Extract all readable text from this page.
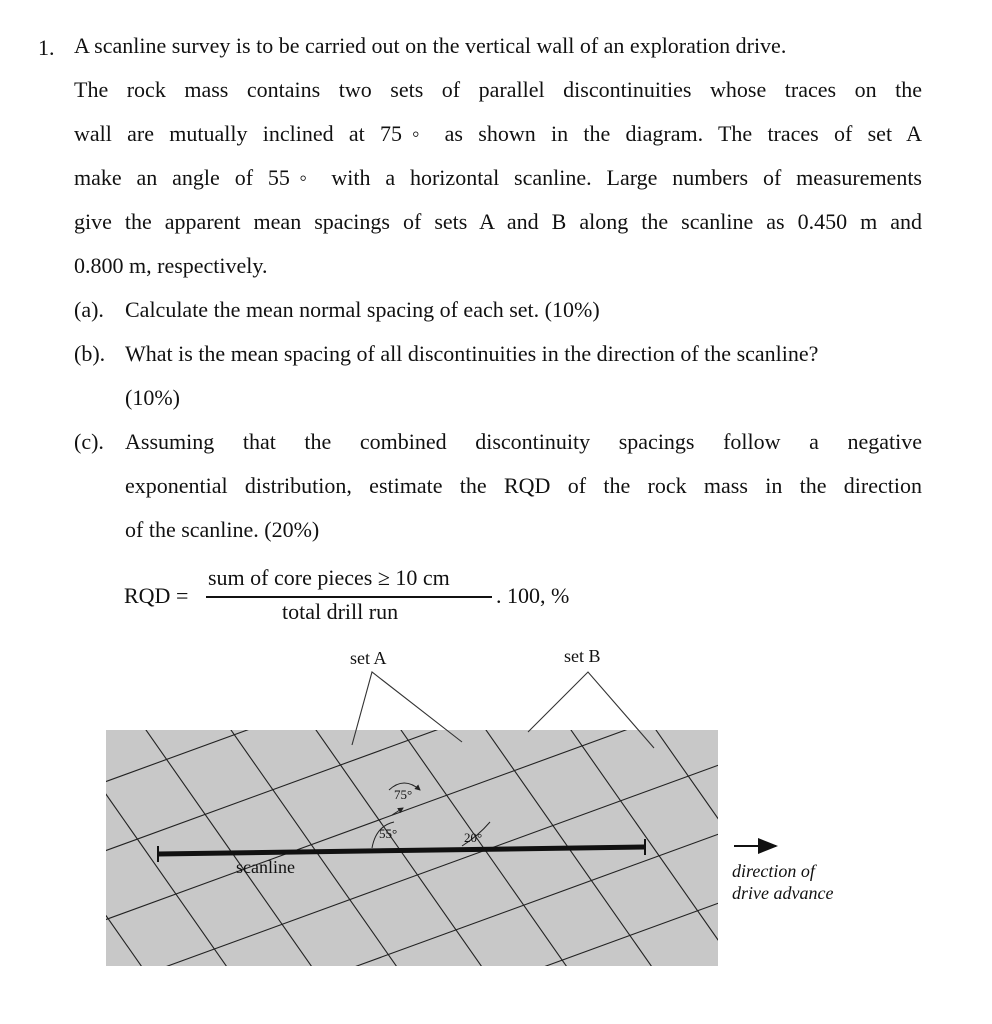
1. A scanline survey is to be carried out on the vertical wall of an exploration drive.
The rock mass contains two sets of parallel discontinuities whose traces on the
wall are mutually inclined at 75◦ as shown in the diagram. The traces of set A
make an angle of 55◦ with a horizontal scanline. Large numbers of measurements
give the apparent mean spacings of sets A and B along the scanline as 0.450 m and
0.800 m, respectively.
(a). Calculate the mean normal spacing of each set. (10%)
(b). What is the mean spacing of all discontinuities in the direction of the scanline?
(10%)
(c). Assuming that the combined discontinuity spacings follow a negative
exponential distribution, estimate the RQD of the rock mass in the direction
of the scanline. (20%)
RQD =
sum of core pieces ≥ 10 cm
total drill run
. 100, %
set A	set B
75°
55°	20°
scanline	direction of
drive advance
